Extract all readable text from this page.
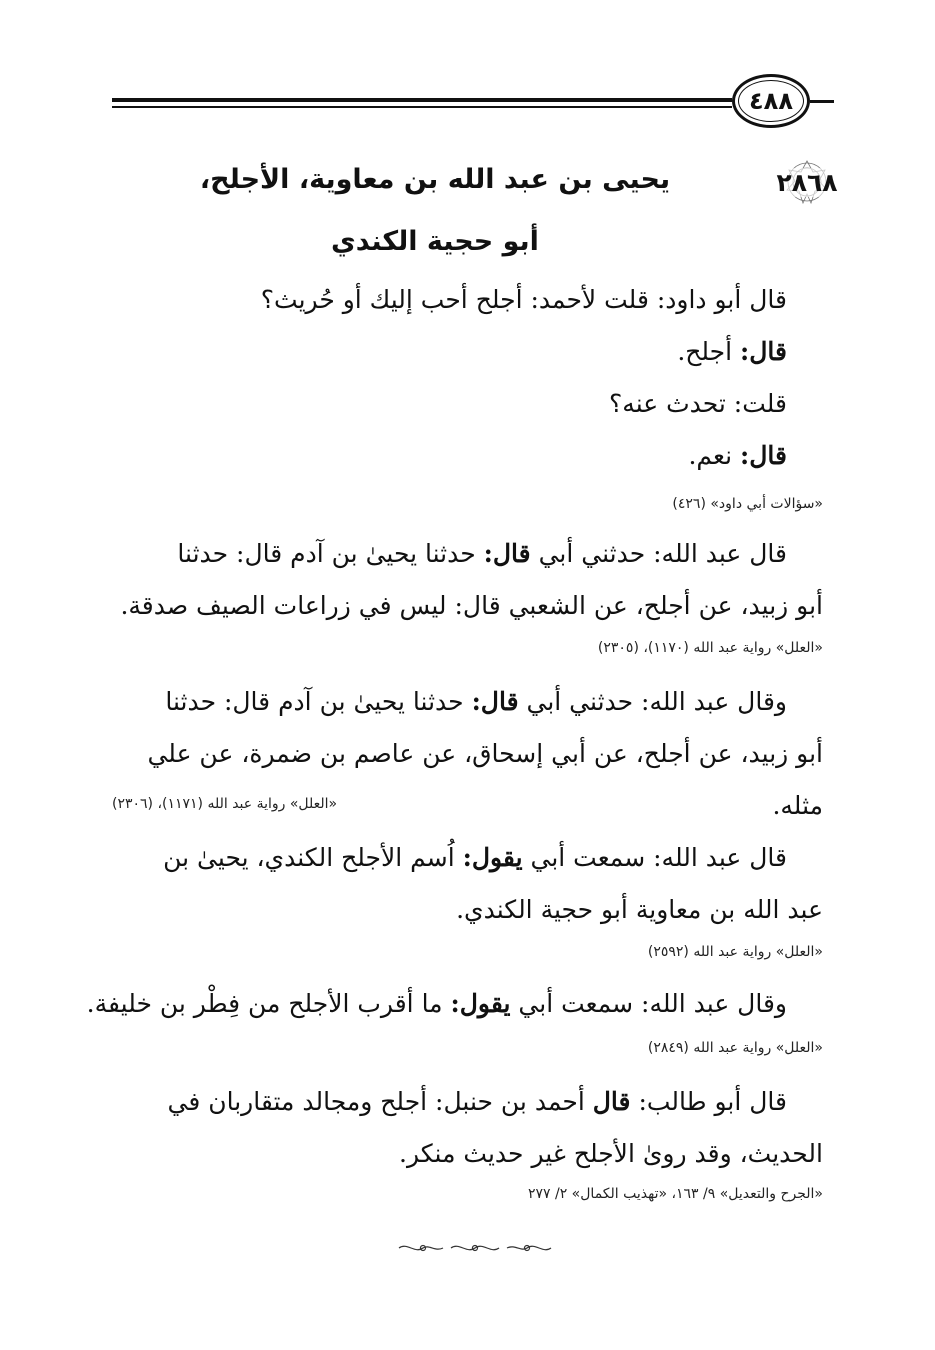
٤٨٨
٢٨٦٨
يحيى بن عبد الله بن معاوية، الأجلح،
أبو حجية الكندي
قال أبو داود: قلت لأحمد: أجلح أحب إليك أو حُريث؟
قال: أجلح.
قلت: تحدث عنه؟
قال: نعم.
«سؤالات أبي داود» (٤٢٦)
قال عبد الله: حدثني أبي قال: حدثنا يحيىٰ بن آدم قال: حدثنا
أبو زبيد، عن أجلح، عن الشعبي قال: ليس في زراعات الصيف صدقة.
«العلل» رواية عبد الله (١١٧٠)، (٢٣٠٥)
وقال عبد الله: حدثني أبي قال: حدثنا يحيىٰ بن آدم قال: حدثنا
أبو زبيد، عن أجلح، عن أبي إسحاق، عن عاصم بن ضمرة، عن علي
مثله.
«العلل» رواية عبد الله (١١٧١)، (٢٣٠٦)
قال عبد الله: سمعت أبي يقول: اُسم الأجلح الكندي، يحيىٰ بن
عبد الله بن معاوية أبو حجية الكندي.
«العلل» رواية عبد الله (٢٥٩٢)
وقال عبد الله: سمعت أبي يقول: ما أقرب الأجلح من فِطْر بن خليفة.
«العلل» رواية عبد الله (٢٨٤٩)
قال أبو طالب: قال أحمد بن حنبل: أجلح ومجالد متقاربان في
الحديث، وقد روىٰ الأجلح غير حديث منكر.
«الجرح والتعديل» ٩/ ١٦٣، «تهذيب الكمال» ٢/ ٢٧٧
